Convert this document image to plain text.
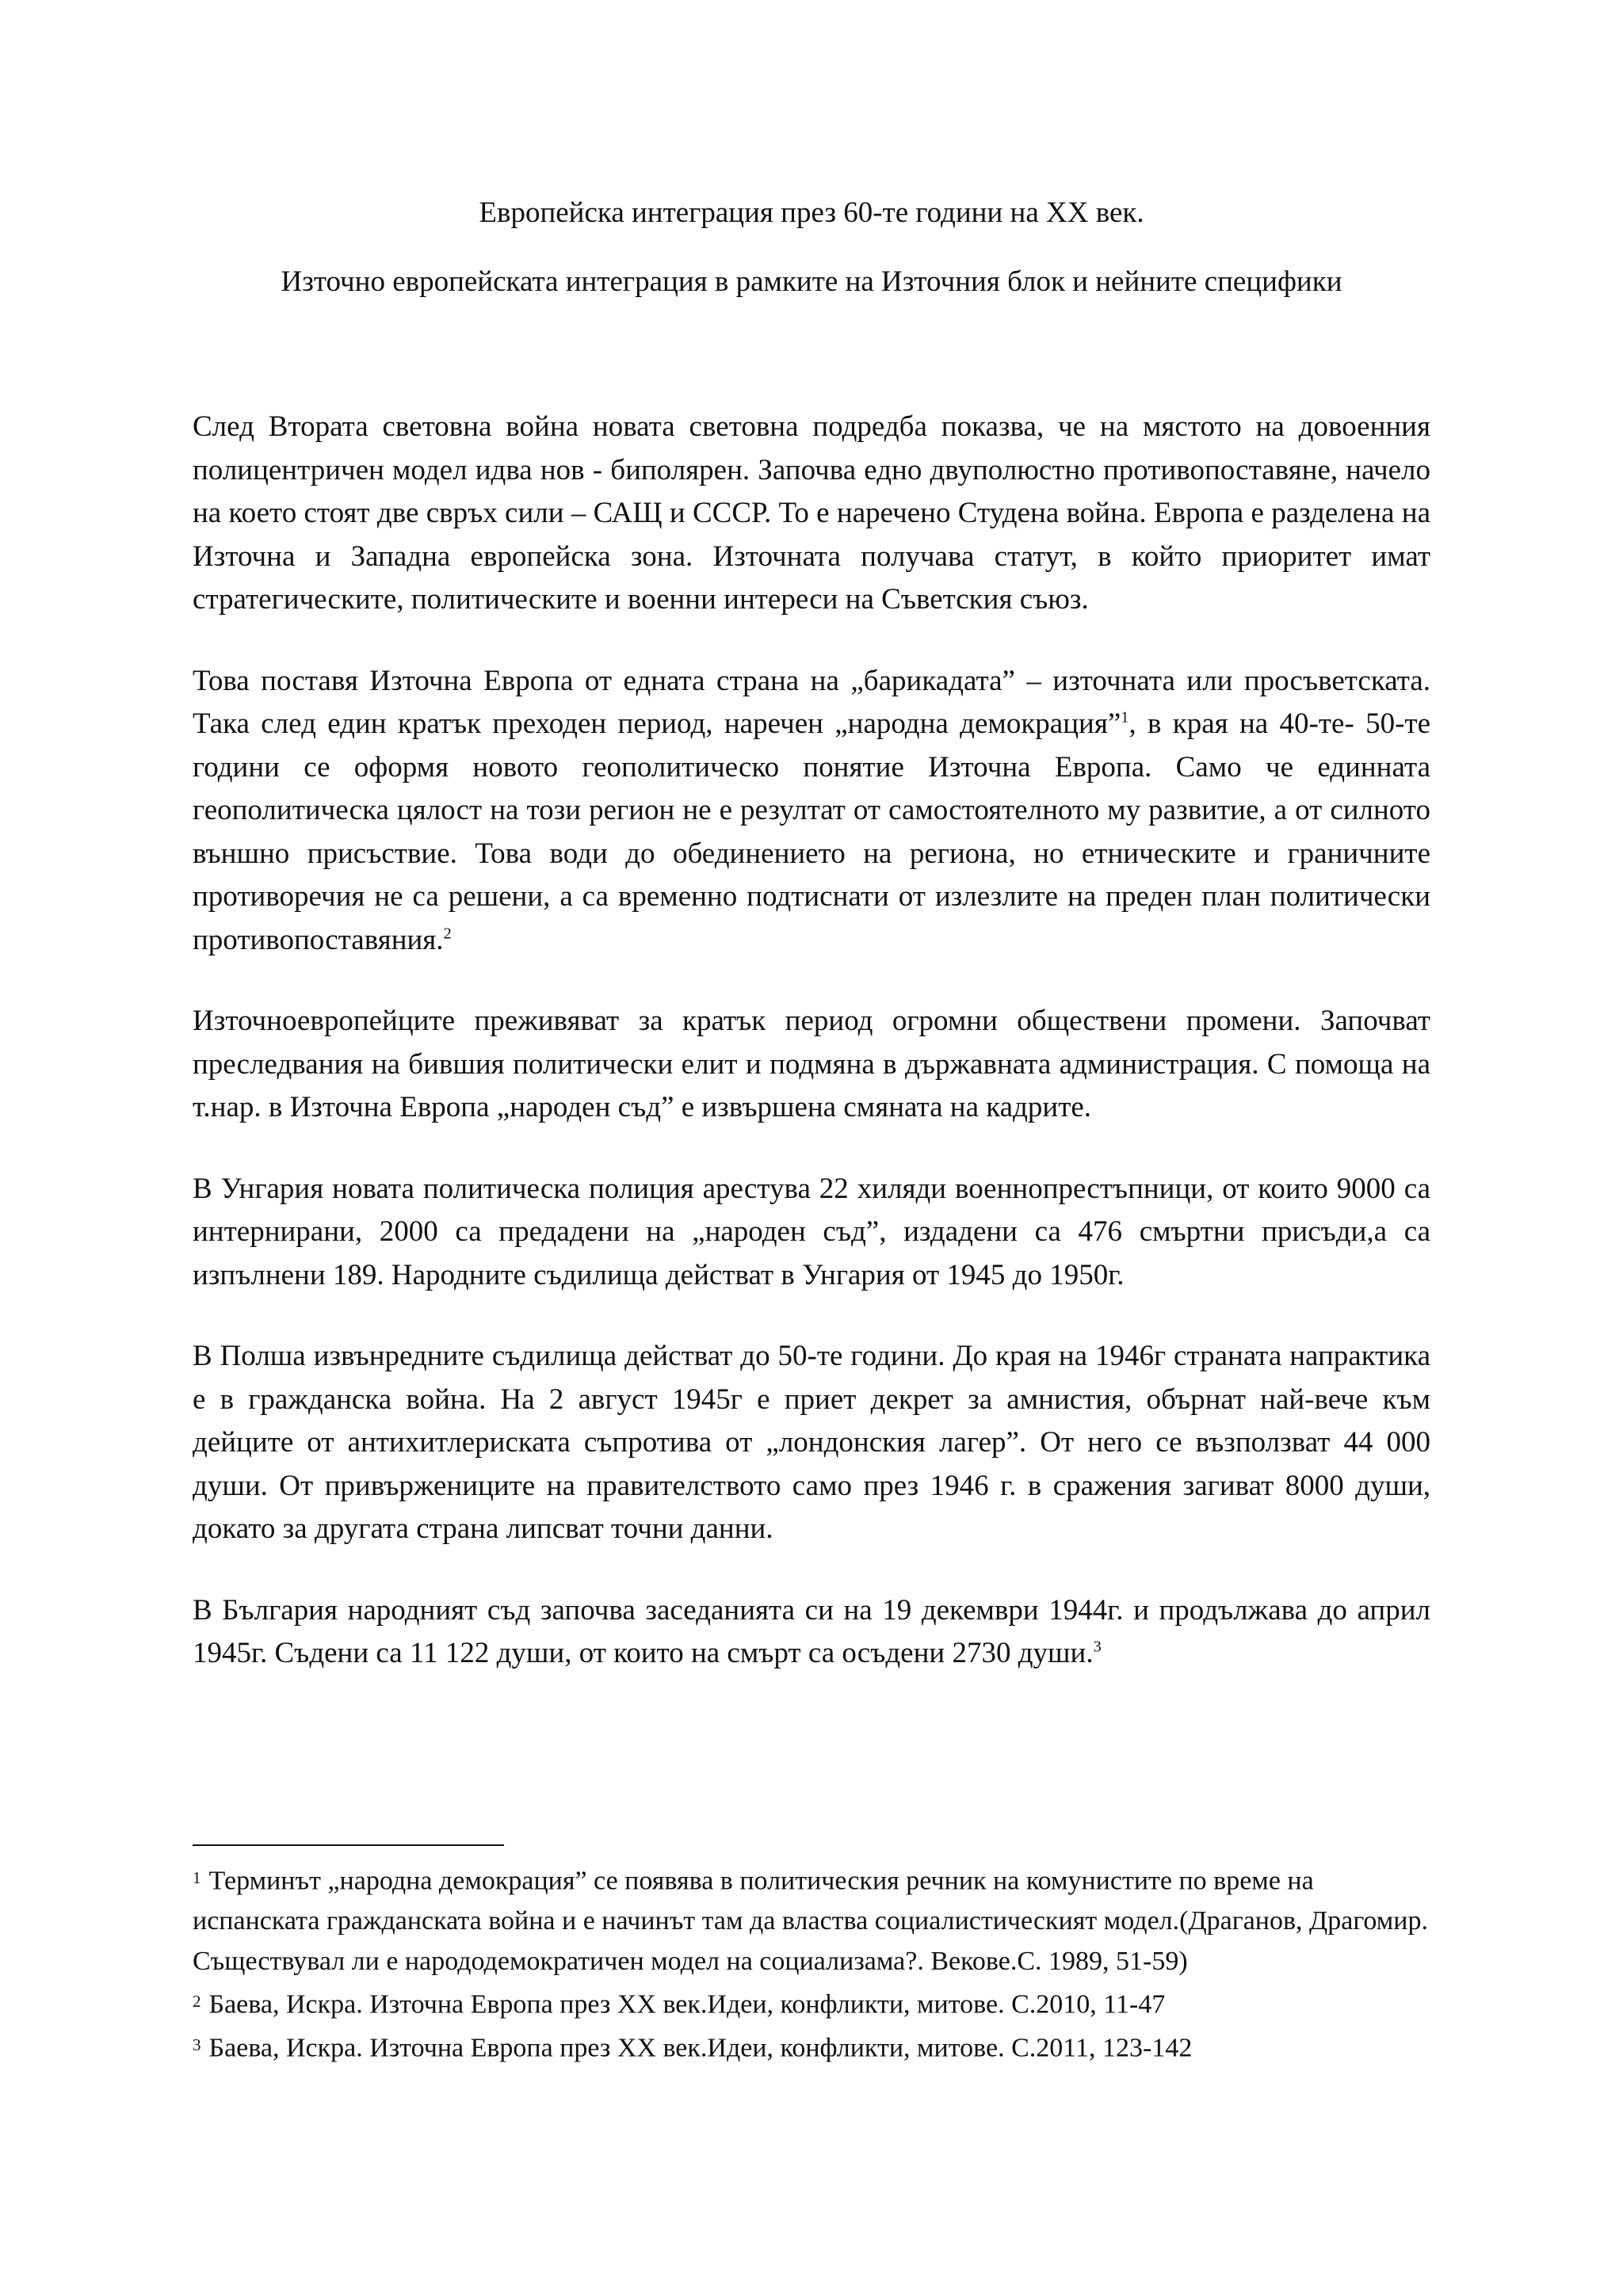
Европейска интеграция през 60-те години на ХХ век.
Източно европейската интеграция в рамките на Източния блок и нейните специфики

След Втората световна война новата световна подредба показва, че на мястото на довоенния полицентричен модел идва нов - биполярен. Започва едно двуполюстно противопоставяне, начело на което стоят две свръх сили – САЩ и СССР. То е наречено Студена война. Европа е разделена на Източна и Западна европейска зона. Източната получава статут, в който приоритет имат стратегическите, политическите и военни интереси на Съветския съюз.

Това поставя Източна Европа от едната страна на „барикадата” – източната или просъветската. Така след един кратък преходен период, наречен „народна демокрация”$^1$, в края на 40-те- 50-те години се оформя новото геополитическо понятие Източна Европа. Само че единната геополитическа цялост на този регион не е резултат от самостоятелното му развитие, а от силното външно присъствие. Това води до обединението на региона, но етническите и граничните противоречия не са решени, а са временно подтиснати от излезлите на преден план политически противопоставяния.$^2$

Източноевропейците преживяват за кратък период огромни обществени промени. Започват преследвания на бившия политически елит и подмяна в държавната администрация. С помоща на т.нар. в Източна Европа „народен съд” е извършена смяната на кадрите.

В Унгария новата политическа полиция арестува 22 хиляди военнопрестъпници, от които 9000 са интернирани, 2000 са предадени на „народен съд”, издадени са 476 смъртни присъди,а са изпълнени 189. Народните съдилища действат в Унгария от 1945 до 1950г.

В Полша извънредните съдилища действат до 50-те години. До края на 1946г страната напрактика е в гражданска война. На 2 август 1945г е приет декрет за амнистия, обърнат най-вече към дейците от антихитлериската съпротива от „лондонския лагер”. От него се възползват 44 000 души. От привържениците на правителството само през 1946 г. в сражения загиват 8000 души, докато за другата страна липсват точни данни.

В България народният съд започва заседанията си на 19 декември 1944г. и продължава до април 1945г. Съдени са 11 122 души, от които на смърт са осъдени 2730 души.$^3$

$^1$ Терминът „народна демокрация” се появява в политическия речник на комунистите по време на испанската гражданската война и е начинът там да властва социалистическият модел.(Драганов, Драгомир. Съществувал ли е народодемократичен модел на социализама?. Векове.С. 1989, 51-59)

$^2$ Баева, Искра. Източна Европа през ХХ век.Идеи, конфликти, митове. С.2010, 11-47

$^3$ Баева, Искра. Източна Европа през ХХ век.Идеи, конфликти, митове. С.2011, 123-142
